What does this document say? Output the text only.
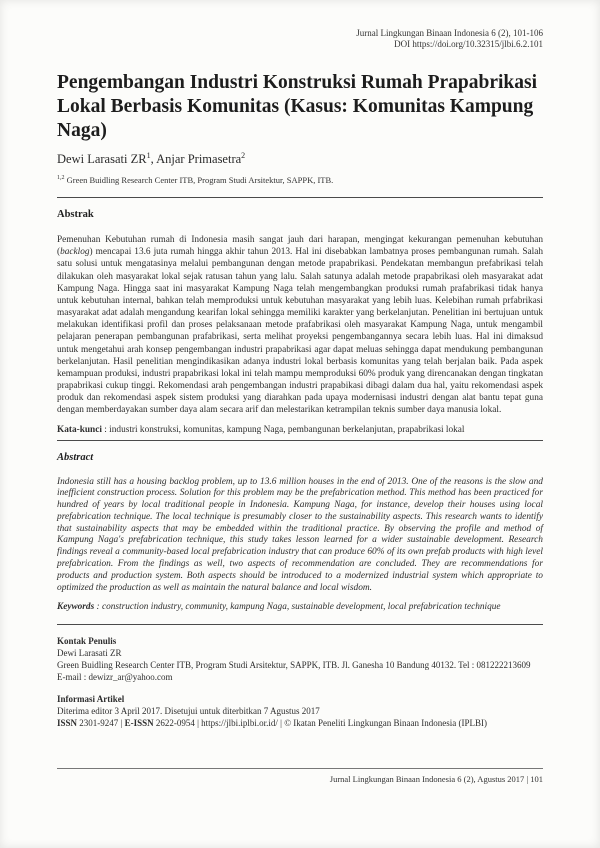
Jurnal Lingkungan Binaan Indonesia 6 (2), 101-106
DOI https://doi.org/10.32315/jlbi.6.2.101
Pengembangan Industri Konstruksi Rumah Prapabrikasi Lokal Berbasis Komunitas (Kasus: Komunitas Kampung Naga)
Dewi Larasati $ZR^1$, Anjar Primasetra$^2$
$^{1,2}$ Green Buidling Research Center ITB, Program Studi Arsitektur, SAPPK, ITB.
Abstrak
Pemenuhan Kebutuhan rumah di Indonesia masih sangat jauh dari harapan, mengingat kekurangan pemenuhan kebutuhan (backlog) mencapai 13.6 juta rumah hingga akhir tahun 2013. Hal ini disebabkan lambatnya proses pembangunan rumah. Salah satu solusi untuk mengatasinya melalui pembangunan dengan metode prapabrikasi. Pendekatan membangun prefabrikasi telah dilakukan oleh masyarakat lokal sejak ratusan tahun yang lalu. Salah satunya adalah metode prapabrikasi oleh masyarakat adat Kampung Naga. Hingga saat ini masyarakat Kampung Naga telah mengembangkan produksi rumah prafabrikasi tidak hanya untuk kebutuhan internal, bahkan telah memproduksi untuk kebutuhan masyarakat yang lebih luas. Kelebihan rumah prfabrikasi masyarakat adat adalah mengandung kearifan lokal sehingga memiliki karakter yang berkelanjutan. Penelitian ini bertujuan untuk melakukan identifikasi profil dan proses pelaksanaan metode prafabrikasi oleh masyarakat Kampung Naga, untuk mengambil pelajaran penerapan pembangunan prafabrikasi, serta melihat proyeksi pengembangannya secara lebih luas. Hal ini dimaksud untuk mengetahui arah konsep pengembangan industri prapabrikasi agar dapat meluas sehingga dapat mendukung pembangunan berkelanjutan. Hasil penelitian mengindikasikan adanya industri lokal berbasis komunitas yang telah berjalan baik. Pada aspek kemampuan produksi, industri prapabrikasi lokal ini telah mampu memproduksi 60% produk yang direncanakan dengan tingkatan prapabrikasi cukup tinggi. Rekomendasi arah pengembangan industri prapabikasi dibagi dalam dua hal, yaitu rekomendasi aspek produk dan rekomendasi aspek sistem produksi yang diarahkan pada upaya modernisasi industri dengan alat bantu tepat guna dengan memberdayakan sumber daya alam secara arif dan melestarikan ketrampilan teknis sumber daya manusia lokal.
Kata-kunci : industri konstruksi, komunitas, kampung Naga, pembangunan berkelanjutan, prapabrikasi lokal
Abstract
Indonesia still has a housing backlog problem, up to 13.6 million houses in the end of 2013. One of the reasons is the slow and inefficient construction process. Solution for this problem may be the prefabrication method. This method has been practiced for hundred of years by local traditional people in Indonesia. Kampung Naga, for instance, develop their houses using local prefabrication technique. The local technique is presumably closer to the sustainability aspects. This research wants to identify that sustainability aspects that may be embedded within the traditional practice. By observing the profile and method of Kampung Naga's prefabrication technique, this study takes lesson learned for a wider sustainable development. Research findings reveal a community-based local prefabrication industry that can produce 60% of its own prefab products with high level prefabrication. From the findings as well, two aspects of recommendation are concluded. They are recommendations for products and production system. Both aspects should be introduced to a modernized industrial system which appropriate to optimized the production as well as maintain the natural balance and local wisdom.
Keywords : construction industry, community, kampung Naga, sustainable development, local prefabrication technique
Kontak Penulis
Dewi Larasati ZR
Green Buidling Research Center ITB, Program Studi Arsitektur, SAPPK, ITB. Jl. Ganesha 10 Bandung 40132. Tel : 081222213609
E-mail : dewizr_ar@yahoo.com
Informasi Artikel
Diterima editor 3 April 2017. Disetujui untuk diterbitkan 7 Agustus 2017
ISSN 2301-9247 | E-ISSN 2622-0954 | https://jlbi.iplbi.or.id/ | © Ikatan Peneliti Lingkungan Binaan Indonesia (IPLBI)
Jurnal Lingkungan Binaan Indonesia 6 (2), Agustus 2017 | 101
